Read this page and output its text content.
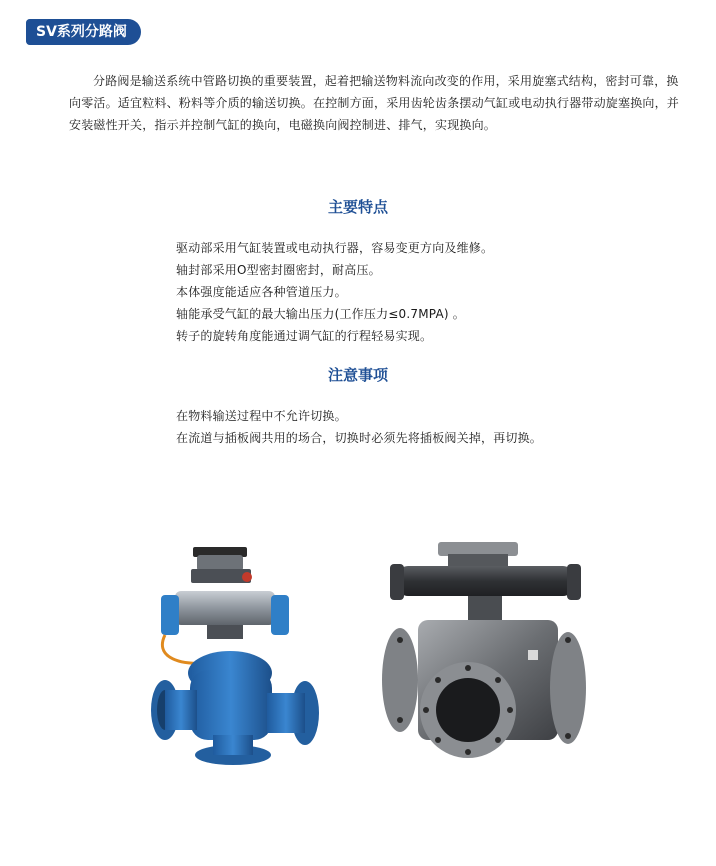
SV系列分路阀

分路阀是输送系统中管路切换的重要装置，起着把输送物料流向改变的作用，采用旋塞式结构，密封可靠，换向零活。适宜粒料、粉料等介质的输送切换。在控制方面，采用齿轮齿条摆动气缸或电动执行器带动旋塞换向，并安装磁性开关，指示并控制气缸的换向，电磁换向阀控制进、排气，实现换向。

主要特点
驱动部采用气缸装置或电动执行器，容易变更方向及维修。
轴封部采用O型密封圈密封，耐高压。
本体强度能适应各种管道压力。
轴能承受气缸的最大输出压力(工作压力≤0.7MPA) 。
转子的旋转角度能通过调气缸的行程轻易实现。
注意事项
在物料输送过程中不允许切换。
在流道与插板阀共用的场合，切换时必须先将插板阀关掉，再切换。
